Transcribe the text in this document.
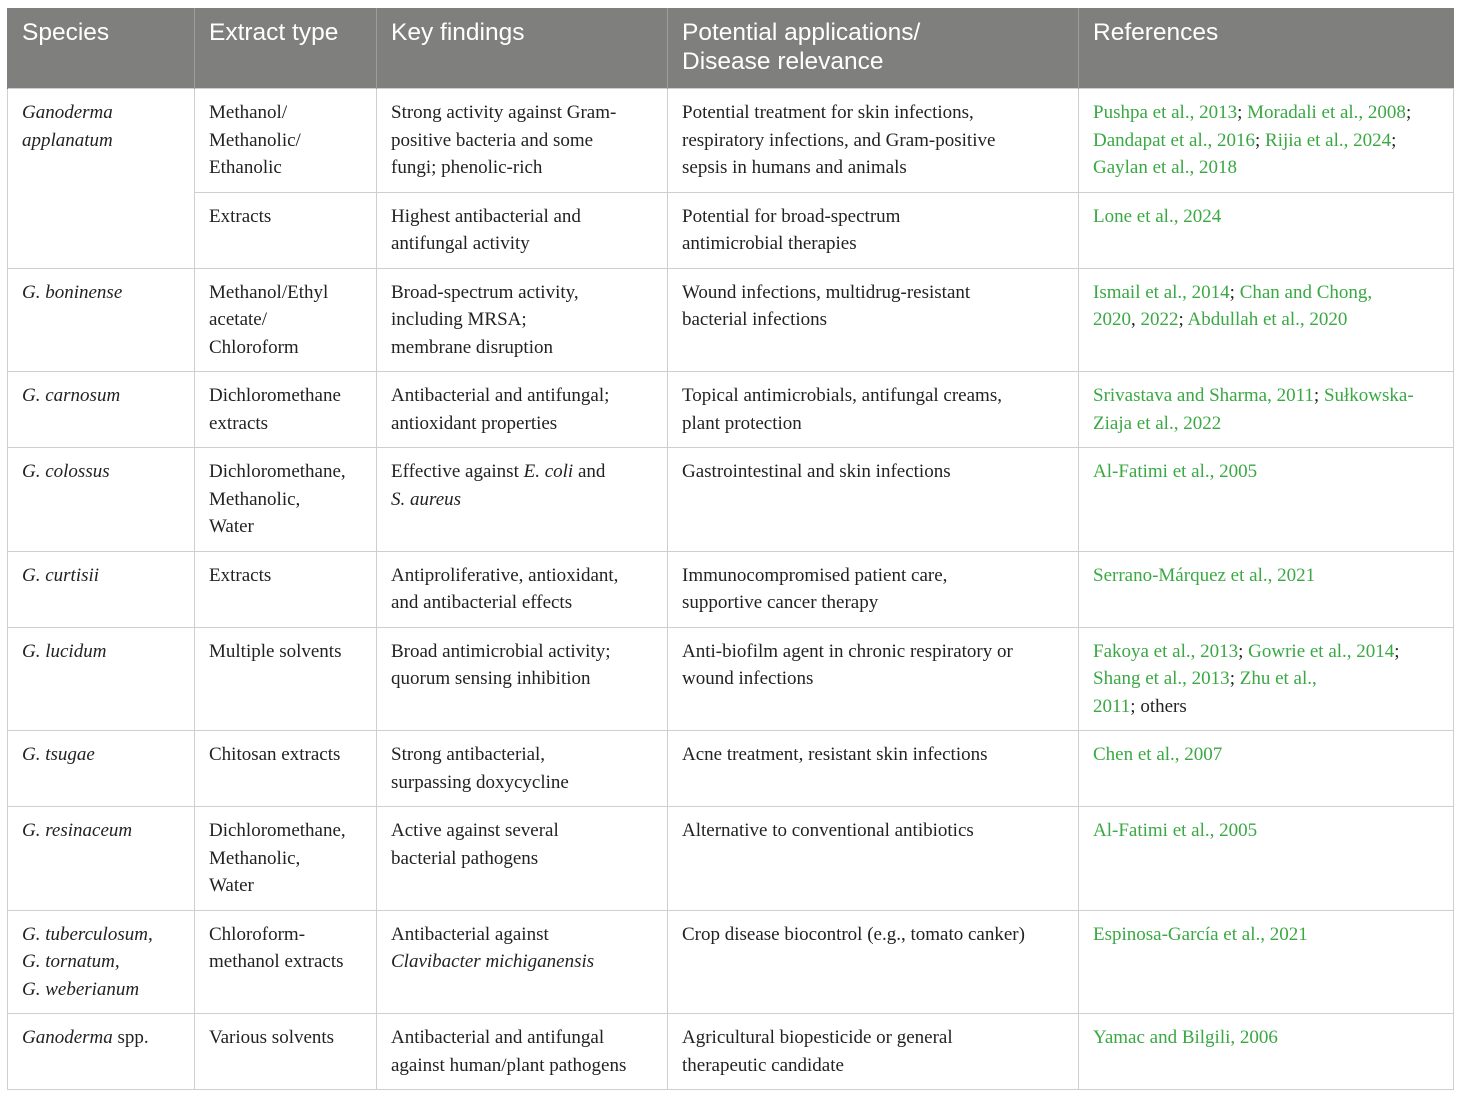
Species	Extract type	Key findings	Potential applications/
Disease relevance	References
Ganoderma
applanatum	Methanol/
Methanolic/
Ethanolic	Strong activity against Gram-
positive bacteria and some
fungi; phenolic-rich	Potential treatment for skin infections,
respiratory infections, and Gram-positive
sepsis in humans and animals	Pushpa et al., 2013; Moradali et al., 2008; Dandapat et al., 2016; Rijia et al., 2024;
Gaylan et al., 2018
	Extracts	Highest antibacterial and
antifungal activity	Potential for broad-spectrum
antimicrobial therapies	Lone et al., 2024
G. boninense	Methanol/Ethyl
acetate/
Chloroform	Broad-spectrum activity,
including MRSA;
membrane disruption	Wound infections, multidrug-resistant
bacterial infections	Ismail et al., 2014; Chan and Chong,
2020, 2022; Abdullah et al., 2020
G. carnosum	Dichloromethane
extracts	Antibacterial and antifungal;
antioxidant properties	Topical antimicrobials, antifungal creams,
plant protection	Srivastava and Sharma, 2011; Sułkowska-
Ziaja et al., 2022
G. colossus	Dichloromethane,
Methanolic,
Water	Effective against E. coli and
S. aureus	Gastrointestinal and skin infections	Al-Fatimi et al., 2005
G. curtisii	Extracts	Antiproliferative, antioxidant,
and antibacterial effects	Immunocompromised patient care,
supportive cancer therapy	Serrano-Márquez et al., 2021
G. lucidum	Multiple solvents	Broad antimicrobial activity;
quorum sensing inhibition	Anti-biofilm agent in chronic respiratory or
wound infections	Fakoya et al., 2013; Gowrie et al., 2014;
Shang et al., 2013; Zhu et al.,
2011; others
G. tsugae	Chitosan extracts	Strong antibacterial,
surpassing doxycycline	Acne treatment, resistant skin infections	Chen et al., 2007
G. resinaceum	Dichloromethane,
Methanolic,
Water	Active against several
bacterial pathogens	Alternative to conventional antibiotics	Al-Fatimi et al., 2005
G. tuberculosum,
G. tornatum,
G. weberianum	Chloroform-
methanol extracts	Antibacterial against
Clavibacter michiganensis	Crop disease biocontrol (e.g., tomato canker)	Espinosa-García et al., 2021
Ganoderma spp.	Various solvents	Antibacterial and antifungal
against human/plant pathogens	Agricultural biopesticide or general
therapeutic candidate	Yamac and Bilgili, 2006
